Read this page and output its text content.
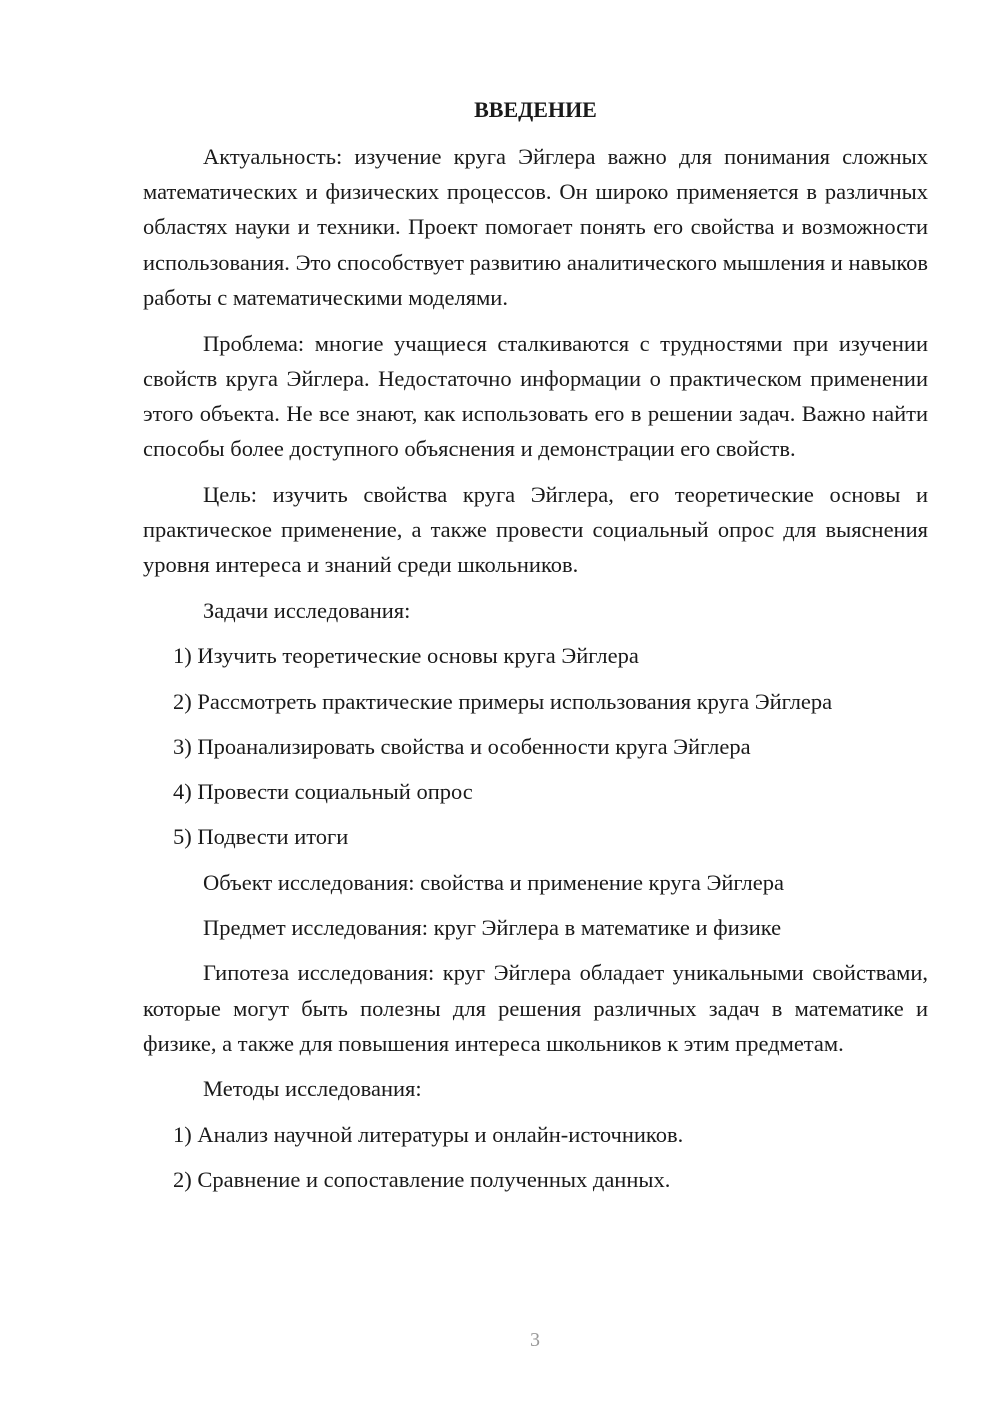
ВВЕДЕНИЕ

Актуальность: изучение круга Эйглера важно для понимания сложных математических и физических процессов. Он широко применяется в различных областях науки и техники. Проект помогает понять его свойства и возможности использования. Это способствует развитию аналитического мышления и навыков работы с математическими моделями.

Проблема: многие учащиеся сталкиваются с трудностями при изучении свойств круга Эйглера. Недостаточно информации о практическом применении этого объекта. Не все знают, как использовать его в решении задач. Важно найти способы более доступного объяснения и демонстрации его свойств.

Цель: изучить свойства круга Эйглера, его теоретические основы и практическое применение, а также провести социальный опрос для выяснения уровня интереса и знаний среди школьников.

Задачи исследования:
1) Изучить теоретические основы круга Эйглера
2) Рассмотреть практические примеры использования круга Эйглера
3) Проанализировать свойства и особенности круга Эйглера
4) Провести социальный опрос
5) Подвести итоги
Объект исследования: свойства и применение круга Эйглера
Предмет исследования: круг Эйглера в математике и физике

Гипотеза исследования: круг Эйглера обладает уникальными свойствами, которые могут быть полезны для решения различных задач в математике и физике, а также для повышения интереса школьников к этим предметам.

Методы исследования:
1) Анализ научной литературы и онлайн-источников.
2) Сравнение и сопоставление полученных данных.
3
